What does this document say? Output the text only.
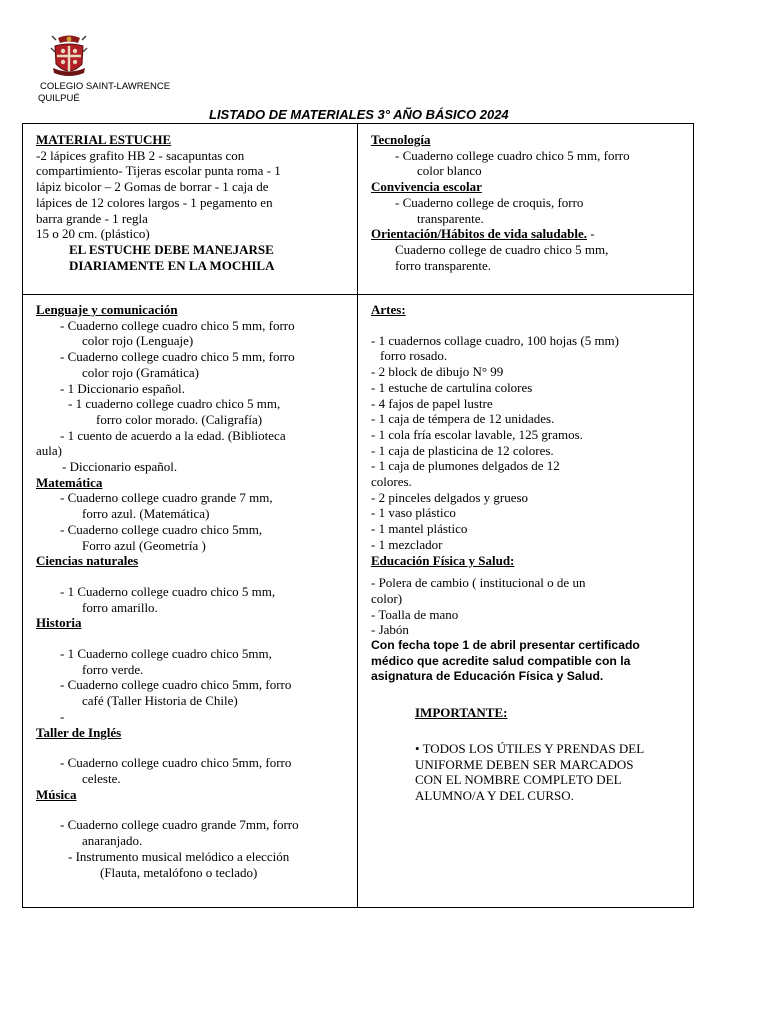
COLEGIO SAINT-LAWRENCE
QUILPUÉ
LISTADO DE MATERIALES 3° AÑO BÁSICO 2024

MATERIAL ESTUCHE

-2 lápices grafito HB 2 - sacapuntas con

compartimiento- Tijeras escolar punta roma - 1

lápiz bicolor – 2 Gomas de borrar - 1 caja de

lápices de 12 colores largos - 1 pegamento en

barra grande - 1 regla

15 o 20 cm. (plástico)

EL ESTUCHE DEBE MANEJARSE

DIARIAMENTE EN LA MOCHILA

Tecnología

- Cuaderno college cuadro chico 5 mm, forro

color blanco

Convivencia escolar

- Cuaderno college de croquis, forro

transparente.

Orientación/Hábitos de vida saludable. -

Cuaderno college de cuadro chico 5 mm,

forro transparente.

Lenguaje y comunicación

- Cuaderno college cuadro chico 5 mm, forro

color rojo (Lenguaje)

- Cuaderno college cuadro chico 5 mm, forro

color rojo (Gramática)

- 1 Diccionario español.

- 1 cuaderno college cuadro chico 5 mm,

forro color morado. (Caligrafía)

- 1 cuento de acuerdo a la edad. (Biblioteca

aula)

- Diccionario español.

Matemática

- Cuaderno college cuadro grande 7 mm,

forro azul. (Matemática)

- Cuaderno college cuadro chico 5mm,

Forro azul (Geometría )

Ciencias naturales

- 1 Cuaderno college cuadro chico 5 mm,

forro amarillo.

Historia

- 1 Cuaderno college cuadro chico 5mm,

forro verde.

- Cuaderno college cuadro chico 5mm, forro

café (Taller Historia de Chile)

-

Taller de Inglés

- Cuaderno college cuadro chico 5mm, forro

celeste.

Música

- Cuaderno college cuadro grande 7mm, forro

anaranjado.

- Instrumento musical melódico a elección

(Flauta, metalófono o teclado)

Artes:

- 1 cuadernos collage cuadro, 100 hojas (5 mm)

forro rosado.

- 2 block de dibujo N° 99

- 1 estuche de cartulina colores

- 4 fajos de papel lustre

- 1 caja de témpera de 12 unidades.

- 1 cola fría escolar lavable, 125 gramos.

- 1 caja de plasticina de 12 colores.

- 1 caja de plumones delgados de 12

colores.

- 2 pinceles delgados y grueso

- 1 vaso plástico

- 1 mantel plástico

- 1 mezclador

Educación Física y Salud:

- Polera de cambio ( institucional o de un

color)

- Toalla de mano

- Jabón

Con fecha tope 1 de abril presentar certificado

médico que acredite salud compatible con la

asignatura de Educación Física y Salud.

IMPORTANTE:

• TODOS LOS ÚTILES Y PRENDAS DEL

UNIFORME DEBEN SER MARCADOS

CON EL NOMBRE COMPLETO DEL

ALUMNO/A Y DEL CURSO.
